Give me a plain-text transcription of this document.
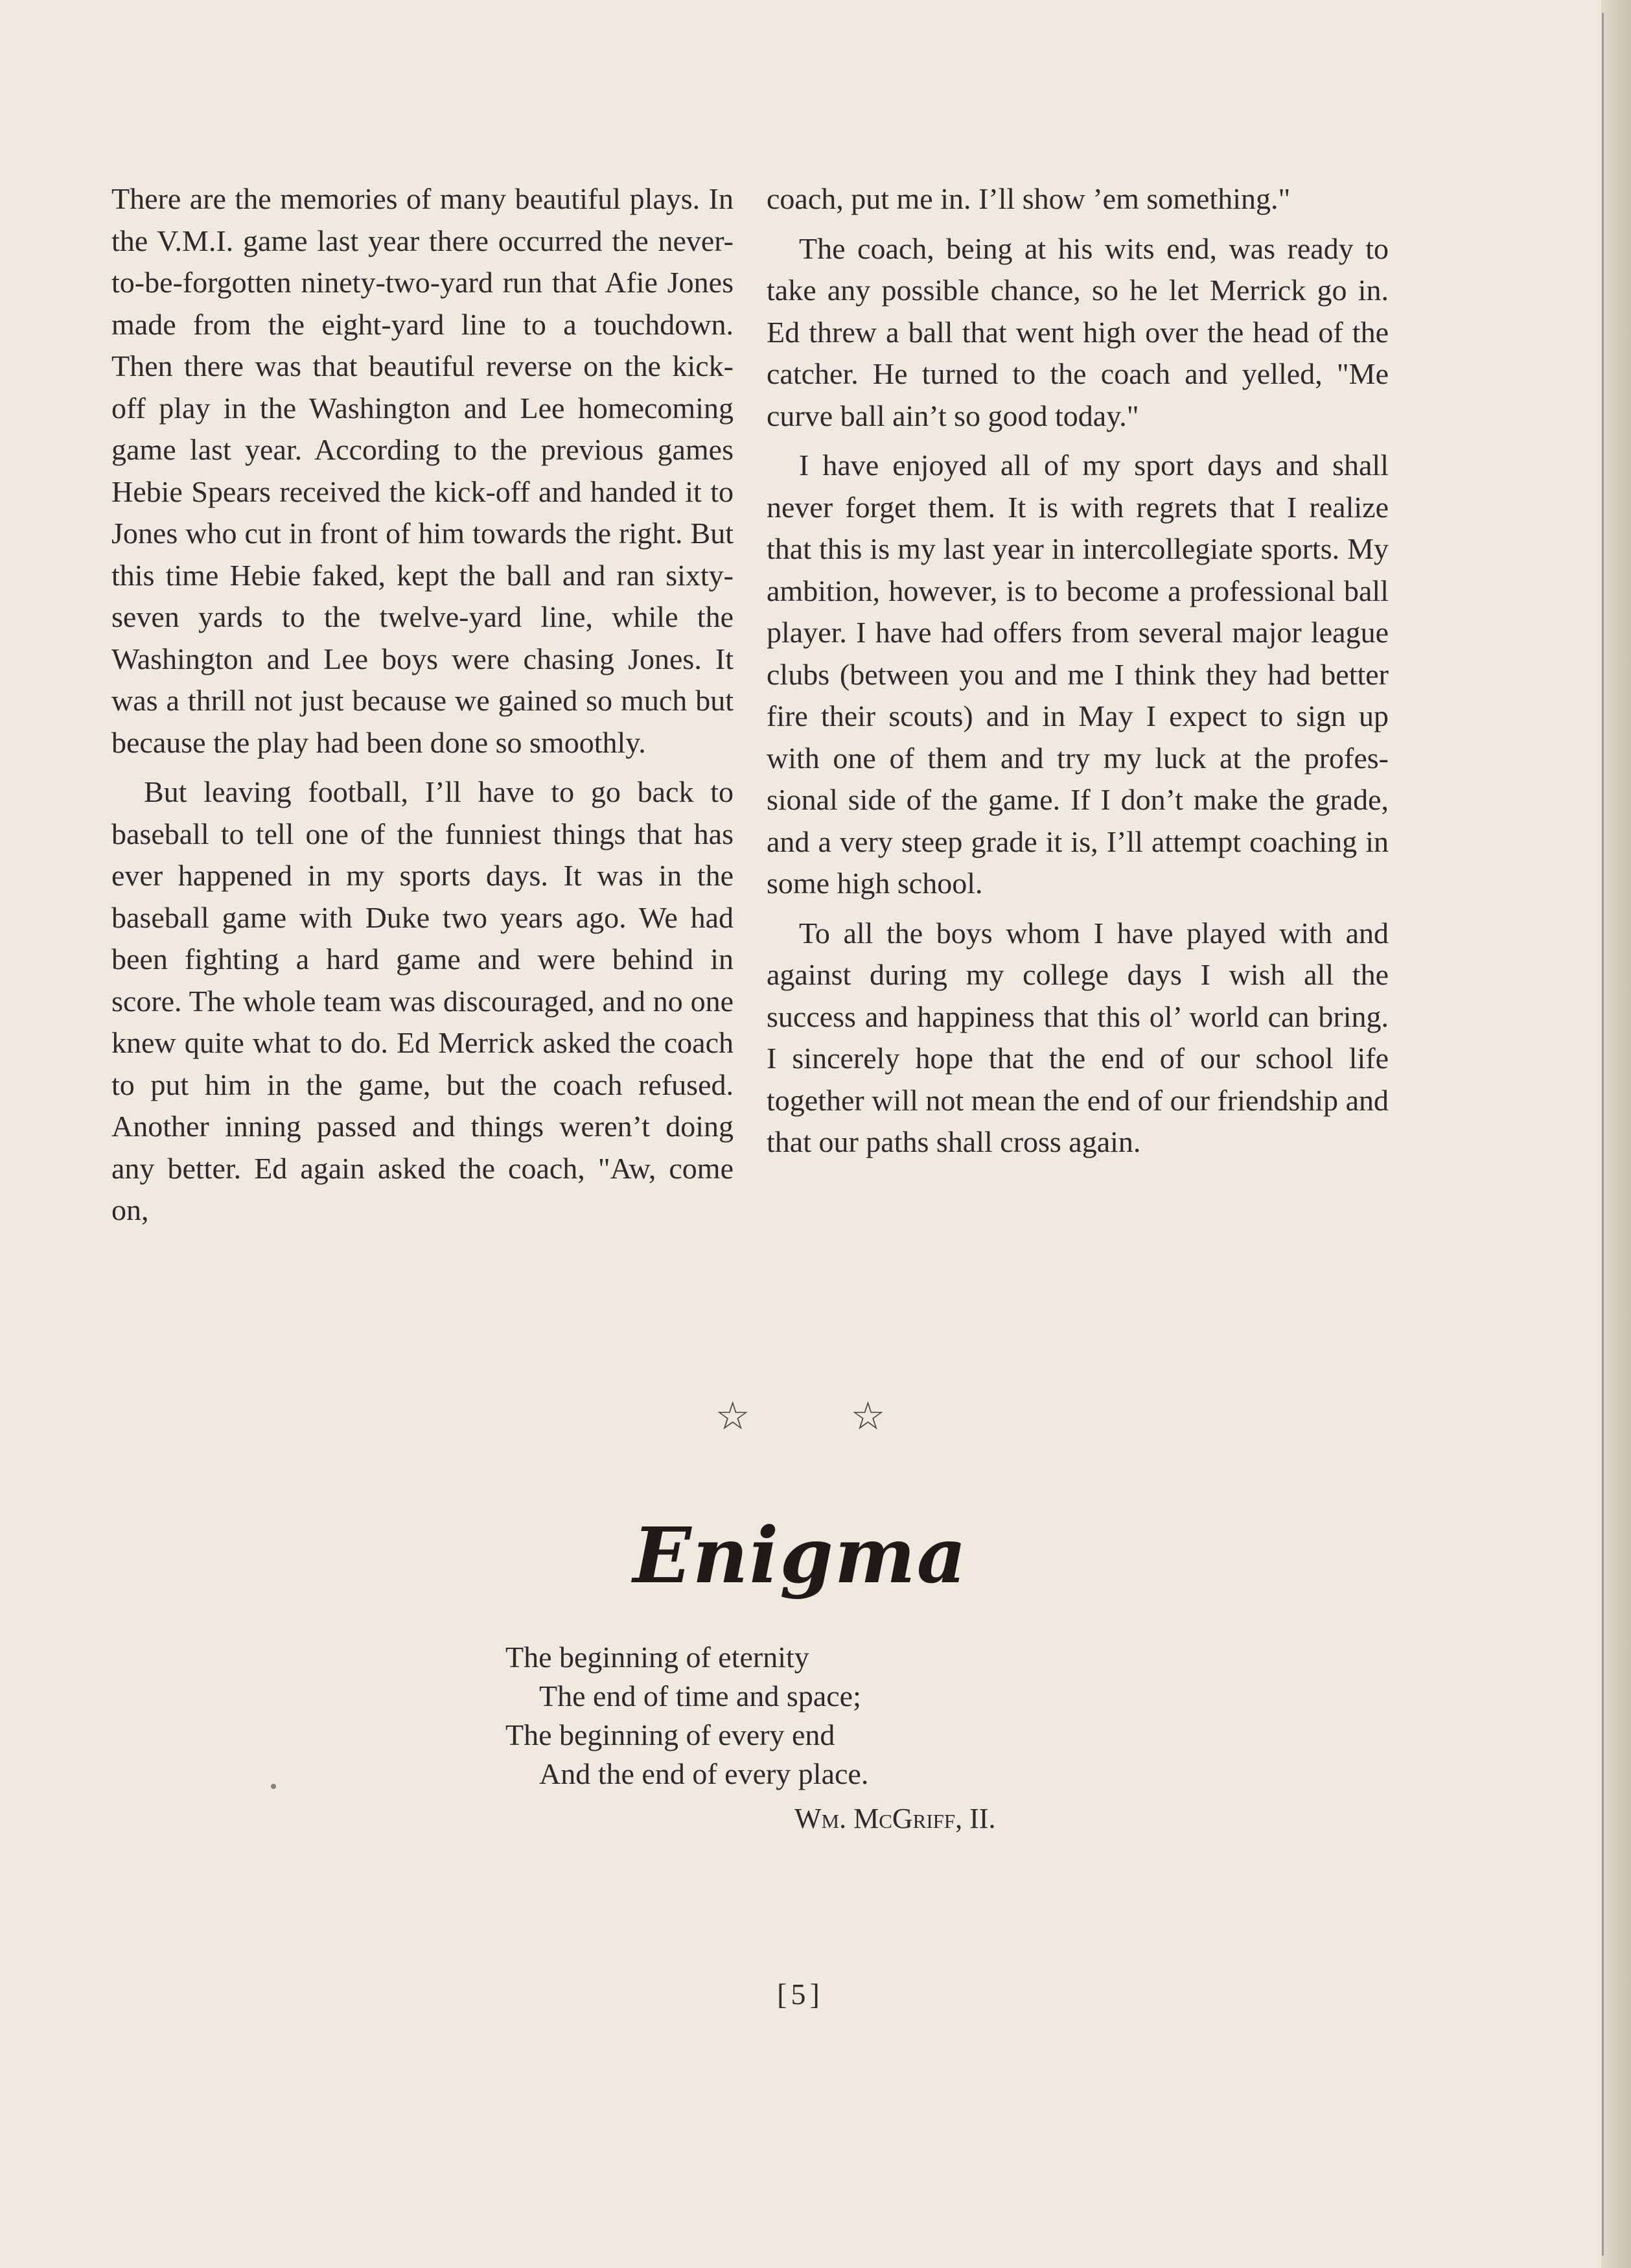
There are the memories of many beautiful plays. In the V.M.I. game last year there occurred the never-to-be-forgotten ninety-two-yard run that Afie Jones made from the eight-yard line to a touchdown. Then there was that beautiful reverse on the kick-off play in the Washington and Lee homecoming game last year. According to the previous games Hebie Spears received the kick-off and handed it to Jones who cut in front of him towards the right. But this time Hebie faked, kept the ball and ran sixty-seven yards to the twelve-yard line, while the Washington and Lee boys were chasing Jones. It was a thrill not just because we gained so much but because the play had been done so smoothly.

But leaving football, I’ll have to go back to baseball to tell one of the funniest things that has ever happened in my sports days. It was in the baseball game with Duke two years ago. We had been fighting a hard game and were behind in score. The whole team was discouraged, and no one knew quite what to do. Ed Merrick asked the coach to put him in the game, but the coach refused. Another inning passed and things weren’t doing any better. Ed again asked the coach, "Aw, come on,

coach, put me in. I’ll show ’em something."

The coach, being at his wits end, was ready to take any possible chance, so he let Merrick go in. Ed threw a ball that went high over the head of the catcher. He turned to the coach and yelled, "Me curve ball ain’t so good today."

I have enjoyed all of my sport days and shall never forget them. It is with regrets that I realize that this is my last year in intercollegiate sports. My ambition, however, is to become a professional ball player. I have had offers from several major league clubs (between you and me I think they had better fire their scouts) and in May I expect to sign up with one of them and try my luck at the professional side of the game. If I don’t make the grade, and a very steep grade it is, I’ll attempt coaching in some high school.

To all the boys whom I have played with and against during my college days I wish all the success and happiness that this ol’ world can bring. I sincerely hope that the end of our school life together will not mean the end of our friendship and that our paths shall cross again.

☆	☆
Enigma
The beginning of eternity
The end of time and space;
The beginning of every end
And the end of every place.
Wm. McGriff, II.
[5]
